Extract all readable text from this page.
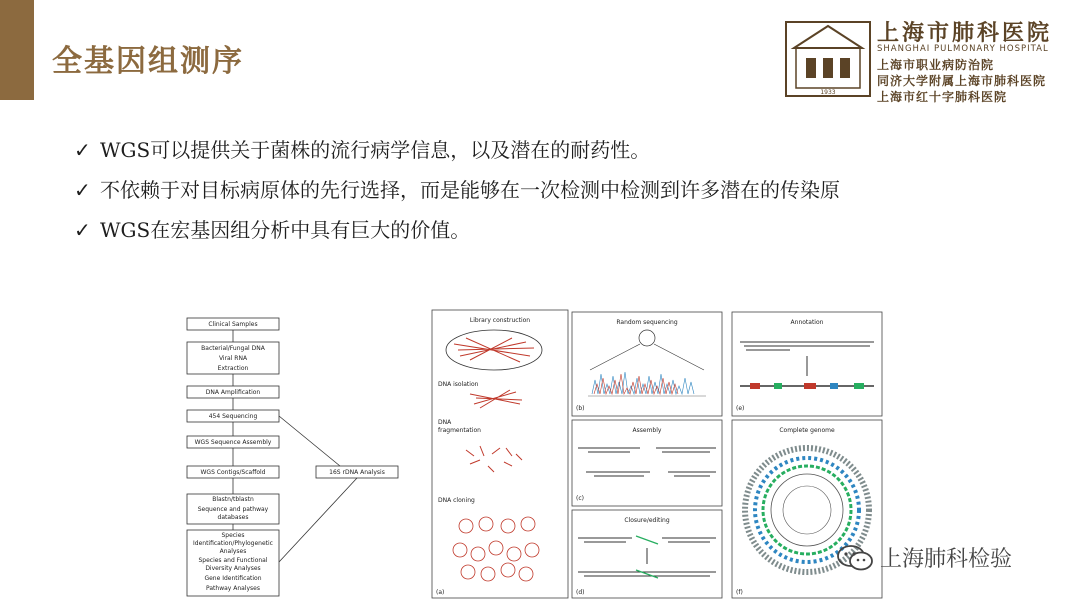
全基因组测序
1933
上海市肺科医院
SHANGHAI PULMONARY HOSPITAL
上海市职业病防治院
同济大学附属上海市肺科医院
上海市红十字肺科医院
✓ WGS可以提供关于菌株的流行病学信息，以及潜在的耐药性。
✓ 不依赖于对目标病原体的先行选择，而是能够在一次检测中检测到许多潜在的传染原
✓ WGS在宏基因组分析中具有巨大的价值。
Clinical Samples
Bacterial/Fungal DNA
Viral RNA
Extraction
DNA Amplification
454 Sequencing
WGS Sequence Assembly
WGS Contigs/Scaffold
Blastn/tblastn
Sequence and pathway
databases
Species
Identification/Phylogenetic
Analyses
Species and Functional
Diversity Analyses
Gene Identification
Pathway Analyses
16S rDNA Analysis
Library construction
DNA isolation
DNA
fragmentation
DNA cloning
(a)
Random sequencing
(b)
Assembly
(c)
Closure/editing
(d)
Annotation
(e)
Complete genome
(f)
上海肺科检验
